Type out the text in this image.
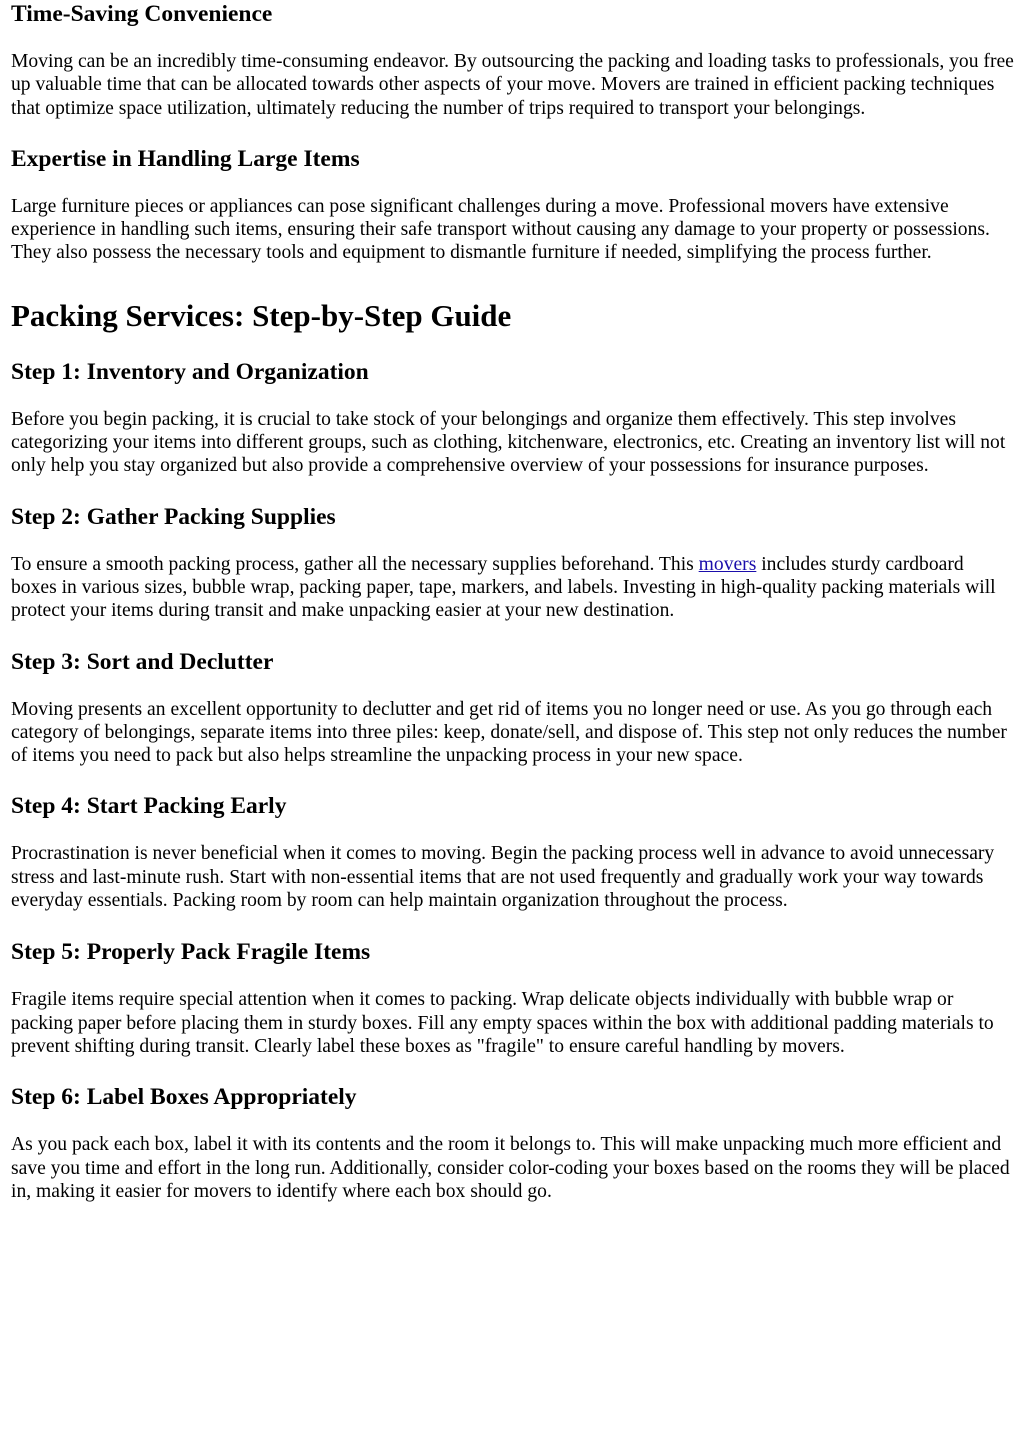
Time-Saving Convenience

Moving can be an incredibly time-consuming endeavor. By outsourcing the packing and loading tasks to professionals, you free up valuable time that can be allocated towards other aspects of your move. Movers are trained in efficient packing techniques that optimize space utilization, ultimately reducing the number of trips required to transport your belongings.

Expertise in Handling Large Items

Large furniture pieces or appliances can pose significant challenges during a move. Professional movers have extensive experience in handling such items, ensuring their safe transport without causing any damage to your property or possessions. They also possess the necessary tools and equipment to dismantle furniture if needed, simplifying the process further.

Packing Services: Step-by-Step Guide
Step 1: Inventory and Organization

Before you begin packing, it is crucial to take stock of your belongings and organize them effectively. This step involves categorizing your items into different groups, such as clothing, kitchenware, electronics, etc. Creating an inventory list will not only help you stay organized but also provide a comprehensive overview of your possessions for insurance purposes.

Step 2: Gather Packing Supplies

To ensure a smooth packing process, gather all the necessary supplies beforehand. This movers includes sturdy cardboard boxes in various sizes, bubble wrap, packing paper, tape, markers, and labels. Investing in high-quality packing materials will protect your items during transit and make unpacking easier at your new destination.

Step 3: Sort and Declutter

Moving presents an excellent opportunity to declutter and get rid of items you no longer need or use. As you go through each category of belongings, separate items into three piles: keep, donate/sell, and dispose of. This step not only reduces the number of items you need to pack but also helps streamline the unpacking process in your new space.

Step 4: Start Packing Early

Procrastination is never beneficial when it comes to moving. Begin the packing process well in advance to avoid unnecessary stress and last-minute rush. Start with non-essential items that are not used frequently and gradually work your way towards everyday essentials. Packing room by room can help maintain organization throughout the process.

Step 5: Properly Pack Fragile Items

Fragile items require special attention when it comes to packing. Wrap delicate objects individually with bubble wrap or packing paper before placing them in sturdy boxes. Fill any empty spaces within the box with additional padding materials to prevent shifting during transit. Clearly label these boxes as "fragile" to ensure careful handling by movers.

Step 6: Label Boxes Appropriately

As you pack each box, label it with its contents and the room it belongs to. This will make unpacking much more efficient and save you time and effort in the long run. Additionally, consider color-coding your boxes based on the rooms they will be placed in, making it easier for movers to identify where each box should go.
